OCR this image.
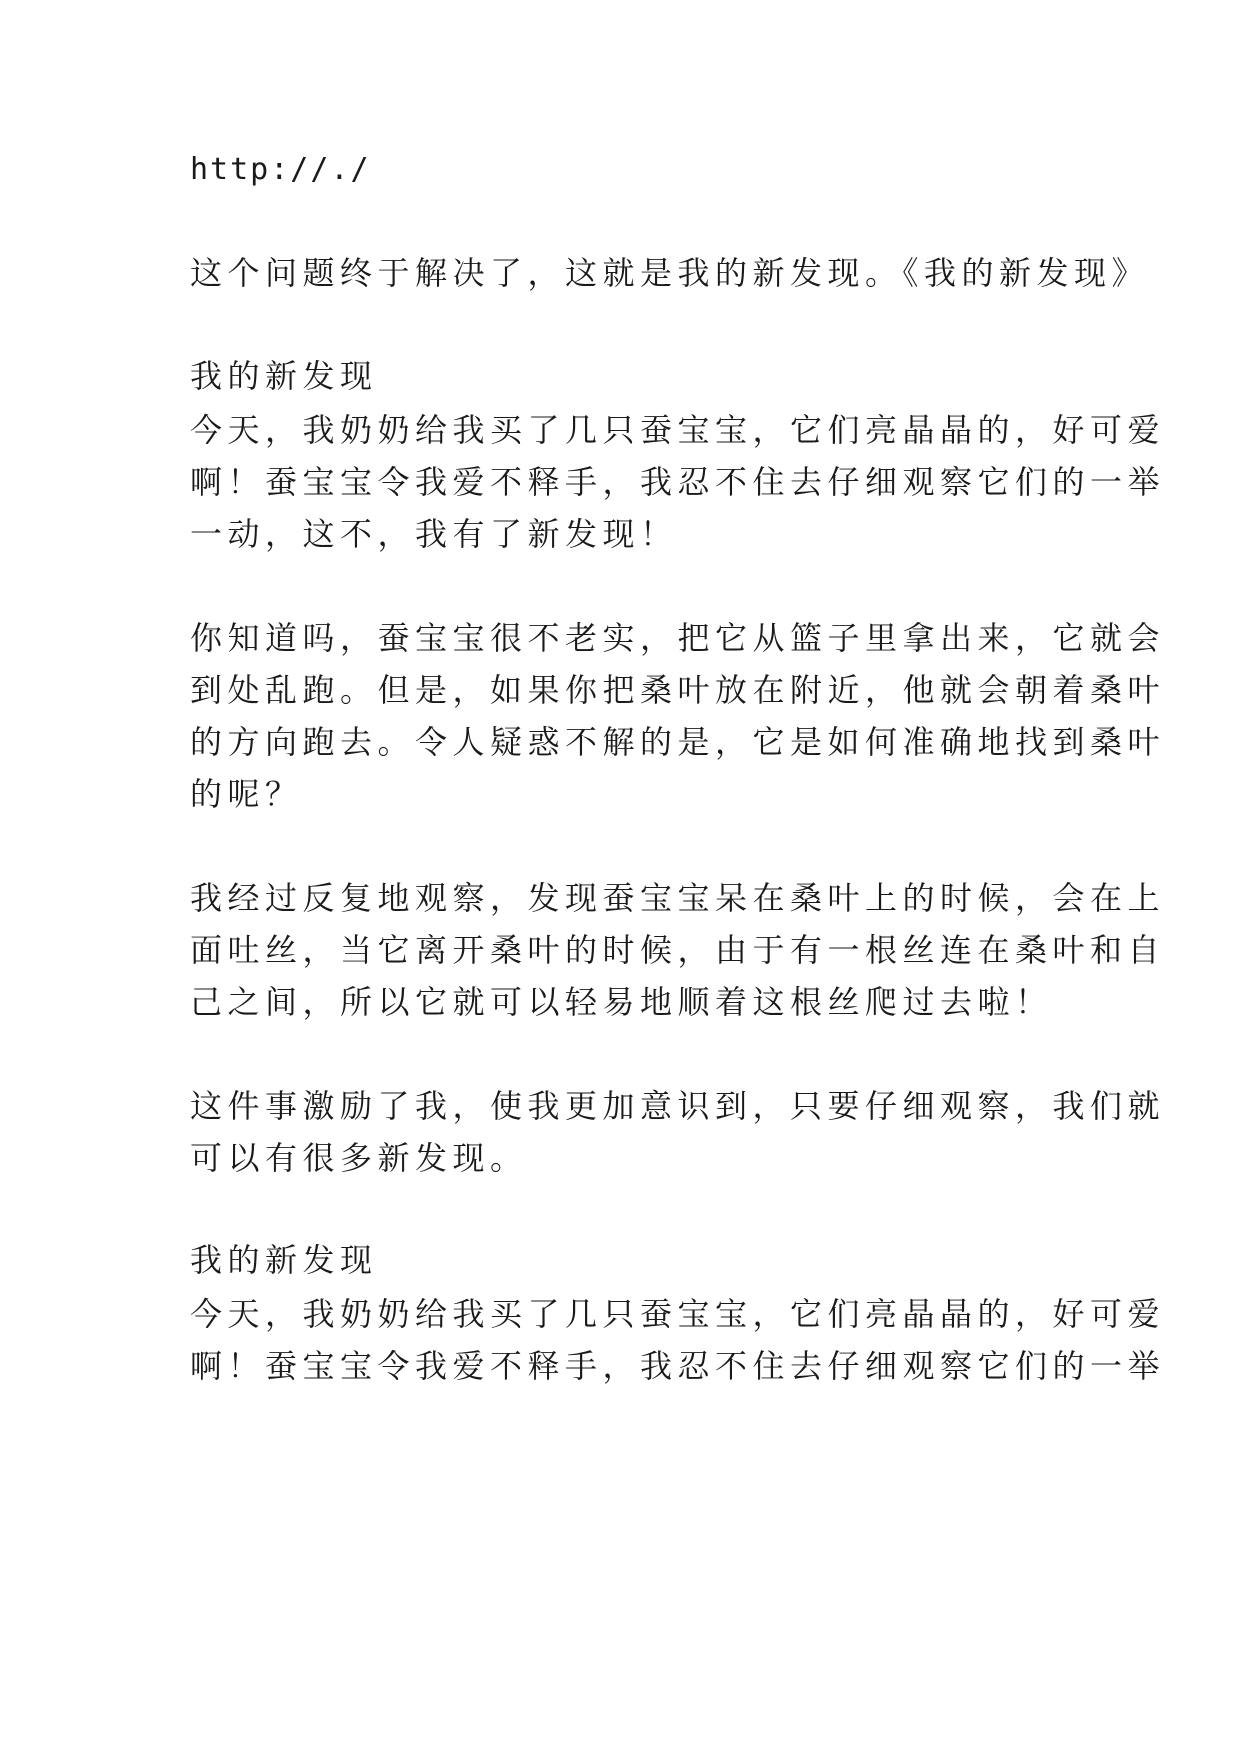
http://./
这个问题终于解决了，这就是我的新发现。《我的新发现》
我的新发现
今天，我奶奶给我买了几只蚕宝宝，它们亮晶晶的，好可爱
啊！蚕宝宝令我爱不释手，我忍不住去仔细观察它们的一举
一动，这不，我有了新发现！
你知道吗，蚕宝宝很不老实，把它从篮子里拿出来，它就会
到处乱跑。但是，如果你把桑叶放在附近，他就会朝着桑叶
的方向跑去。令人疑惑不解的是，它是如何准确地找到桑叶
的呢？
我经过反复地观察，发现蚕宝宝呆在桑叶上的时候，会在上
面吐丝，当它离开桑叶的时候，由于有一根丝连在桑叶和自
己之间，所以它就可以轻易地顺着这根丝爬过去啦！
这件事激励了我，使我更加意识到，只要仔细观察，我们就
可以有很多新发现。
我的新发现
今天，我奶奶给我买了几只蚕宝宝，它们亮晶晶的，好可爱
啊！蚕宝宝令我爱不释手，我忍不住去仔细观察它们的一举
